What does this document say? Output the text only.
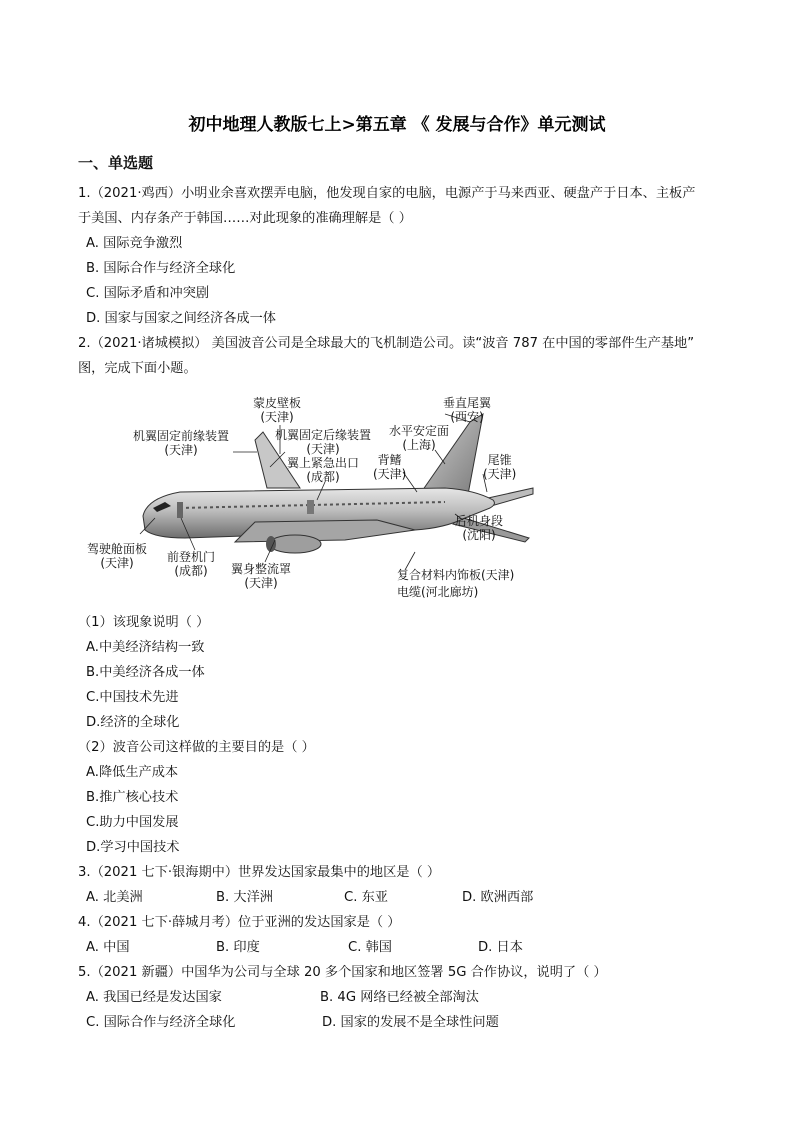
初中地理人教版七上>第五章 《 发展与合作》单元测试
一、单选题
1.（2021·鸡西）小明业余喜欢摆弄电脑，他发现自家的电脑，电源产于马来西亚、硬盘产于日本、主板产
于美国、内存条产于韩国……对此现象的准确理解是（ ）
A. 国际竞争激烈
B. 国际合作与经济全球化
C. 国际矛盾和冲突剧
D. 国家与国家之间经济各成一体
2.（2021·诸城模拟） 美国波音公司是全球最大的飞机制造公司。读“波音 787 在中国的零部件生产基地”
图，完成下面小题。
蒙皮壁板
(天津)
垂直尾翼
(西安)
机翼固定前缘装置
(天津)
机翼固定后缘装置
(天津)
水平安定面
(上海)
翼上紧急出口
(成都)
背鳍
(天津)
尾锥
(天津)
后机身段
(沈阳)
驾驶舱面板
(天津)	前登机门
(成都)	翼身整流罩
(天津)
复合材料内饰板(天津)
电缆(河北廊坊)
（1）该现象说明（ ）
A.中美经济结构一致
B.中美经济各成一体
C.中国技术先进
D.经济的全球化
（2）波音公司这样做的主要目的是（ ）
A.降低生产成本
B.推广核心技术
C.助力中国发展
D.学习中国技术
3.（2021 七下·银海期中）世界发达国家最集中的地区是（ ）
A. 北美洲	B. 大洋洲	C. 东亚	D. 欧洲西部
4.（2021 七下·薛城月考）位于亚洲的发达国家是（ ）
A. 中国	B. 印度	C. 韩国	D. 日本
5.（2021 新疆）中国华为公司与全球 20 多个国家和地区签署 5G 合作协议，说明了（ ）
A. 我国已经是发达国家	B. 4G 网络已经被全部淘汰
C. 国际合作与经济全球化	D. 国家的发展不是全球性问题
